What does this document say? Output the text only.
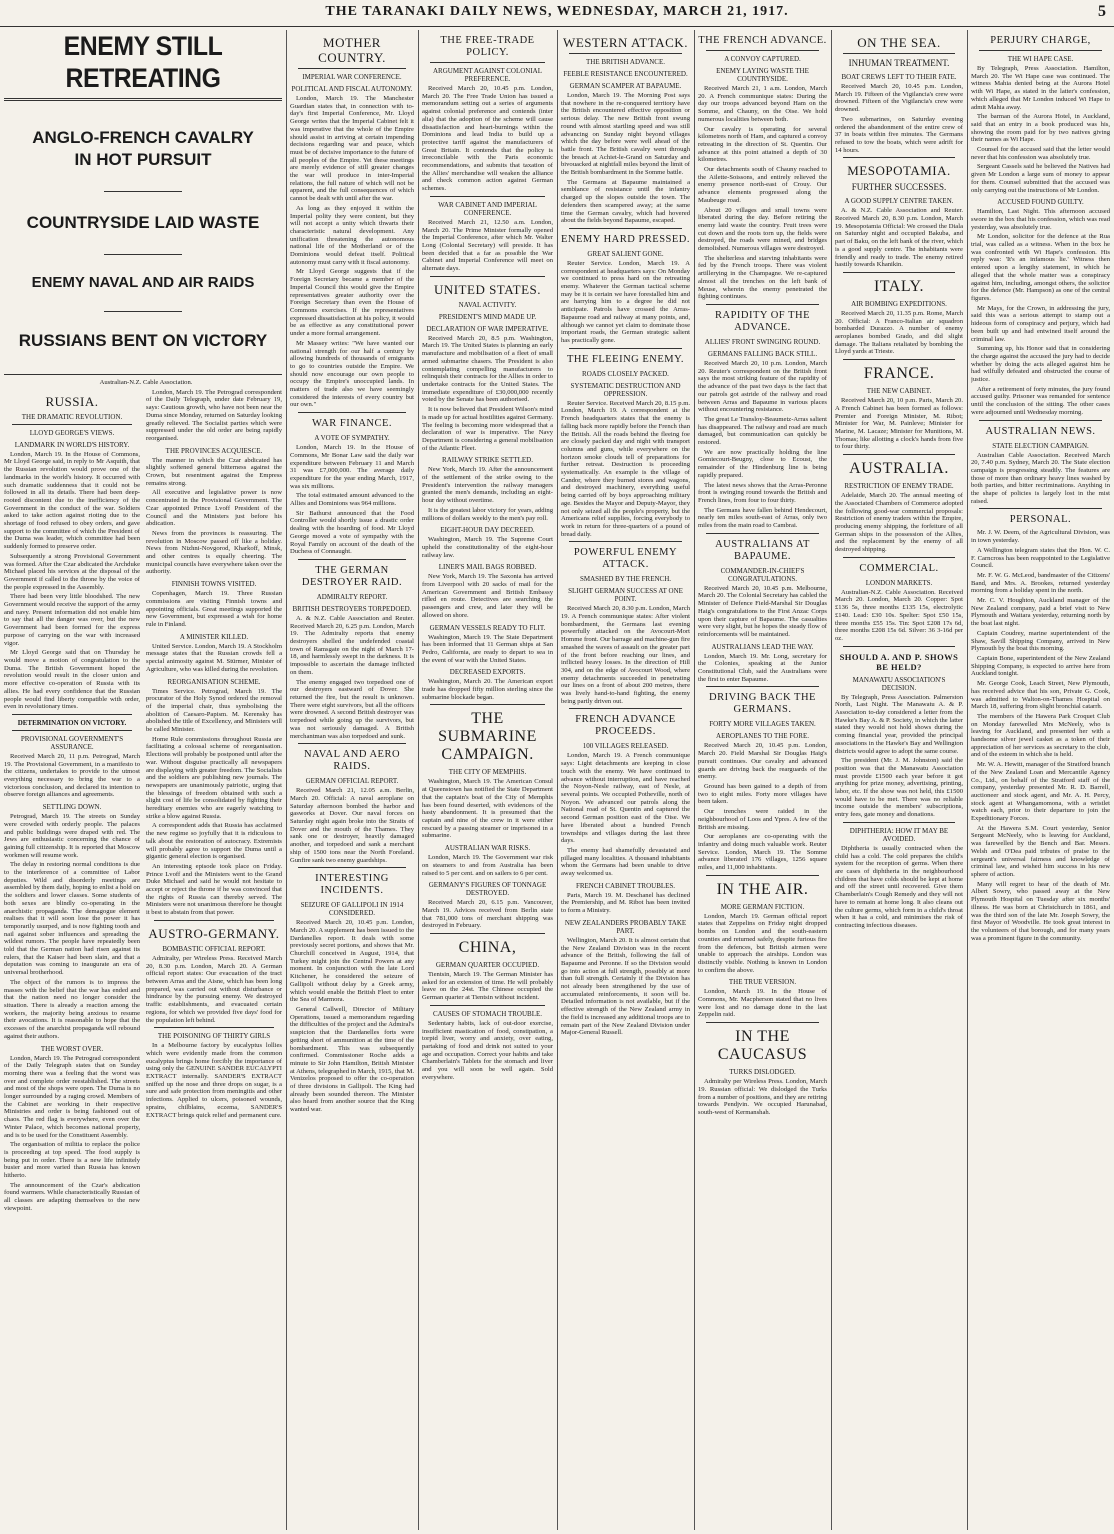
THE TARANAKI DAILY NEWS, WEDNESDAY, MARCH 21, 1917.	5
ENEMY STILL RETREATING
ANGLO-FRENCH CAVALRY IN HOT PURSUIT
COUNTRYSIDE LAID WASTE
ENEMY NAVAL AND AIR RAIDS
RUSSIANS BENT ON VICTORY

Australian-N.Z. Cable Association.

RUSSIA.
THE DRAMATIC REVOLUTION.
LLOYD GEORGE'S VIEWS.
LANDMARK IN WORLD'S HISTORY.

London, March 19. In the House of Commons, Mr Lloyd George said, in reply to Mr Asquith, that the Russian revolution would prove one of the landmarks in the world's history. It occurred with such dramatic suddenness that it could not be followed in all its details. There had been deep-rooted discontent due to the inefficiency of the Government in the conduct of the war. Soldiers asked to take action against rioting due to the shortage of food refused to obey orders, and gave support to the committee of which the President of the Duma was leader, which committee had been suddenly formed to preserve order.

Subsequently a strong Provisional Government was formed. After the Czar abdicated the Archduke Michael placed his services at the disposal of the Government if called to the throne by the voice of the people expressed in the Assembly.

There had been very little bloodshed. The new Government would receive the support of the army and navy. Present information did not enable him to say that all the danger was over, but the new Government had been formed for the express purpose of carrying on the war with increased vigor.

Mr Lloyd George said that on Thursday he would move a motion of congratulation to the Duma. The British Government hoped the revolution would result in the closer union and more effective co-operation of Russia with its allies. He had every confidence that the Russian people would find liberty compatible with order, even in revolutionary times.

DETERMINATION ON VICTORY.
PROVISIONAL GOVERNMENT'S ASSURANCE.

Received March 20, 11 p.m. Petrograd, March 19. The Provisional Government, in a manifesto to the citizens, undertakes to provide to the utmost everything necessary to bring the war to a victorious conclusion, and declared its intention to observe foreign alliances and agreements.

SETTLING DOWN.

Petrograd, March 19. The streets on Sunday were crowded with orderly people. The palaces and public buildings were draped with red. The Jews are enthusiastic concerning the chance of gaining full citizenship. It is reported that Moscow workmen will resume work.

The delay in restoring normal conditions is due to the interference of a committee of Labor deputies. Wild and disorderly meetings are assembled by them daily, hoping to enlist a hold on the soldiers and lower classes. Some students of both sexes are blindly co-operating in the anarchistic propaganda. The demagogue element realises that it will soon lose the power it has temporarily usurped, and is now fighting tooth and nail against sober influences and spreading the wildest rumors. The people have repeatedly been told that the German nation had risen against its rulers, that the Kaiser had been slain, and that a deputation was coming to inaugurate an era of universal brotherhood.

The object of the rumors is to impress the masses with the belief that the war has ended and that the nation need no longer consider the situation. There is already a reaction among the workers, the majority being anxious to resume their avocations. It is reasonable to hope that the excesses of the anarchist propaganda will rebound against their authors.

THE WORST OVER.

London, March 19. The Petrograd correspondent of the Daily Telegraph states that on Sunday morning there was a feeling that the worst was over and complete order reestablished. The streets and most of the shops were open. The Duma is no longer surrounded by a raging crowd. Members of the Cabinet are working in their respective Ministries and order is being fashioned out of chaos. The red flag is everywhere, even over the Winter Palace, which becomes national property, and is to be used for the Constituent Assembly.

The organisation of militia to replace the police is proceeding at top speed. The food supply is being put in order. There is a new life infinitely busier and more varied than Russia has known hitherto.

The announcement of the Czar's abdication found warmers. While characteristically Russian of all classes are adapting themselves to the new viewpoint.

London, March 19. The Petrograd correspondent of the Daily Telegraph, under date February 19, says: Cautious growth, who have not been near the Duma since Monday, returned on Saturday looking greatly relieved. The Socialist parties which were suppressed under the old order are being rapidly reorganised.

THE PROVINCES ACQUIESCE.

The manner in which the Czar abdicated has slightly softened general bitterness against the Crown, but resentment against the Empress remains strong.

All executive and legislative power is now concentrated in the Provisional Government. The Czar appointed Prince Lvoff President of the Council and the Ministers just before his abdication.

News from the provinces is reassuring. The revolution in Moscow passed off like a holiday. News from Nizhni-Novgorod, Kharkoff, Minsk, and other centres is equally cheering. The municipal councils have everywhere taken over the authority.

FINNISH TOWNS VISITED.

Copenhagen, March 19. Three Russian commissions are visiting Finnish towns and appointing officials. Great meetings supported the new Government, but expressed a wish for home rule in Finland.

A MINISTER KILLED.

United Service. London, March 19. A Stockholm message states that the Russian crowds fell a special animosity against M. Stürmer, Minister of Agriculture, who was killed during the revolution.

REORGANISATION SCHEME.

Times Service. Petrograd, March 19. The procurator of the Holy Synod ordered the removal of the imperial chair, thus symbolising the abolition of Caesaro-Papism. M. Kerensky has abolished the title of Excellency, and Ministers will be called Minister.

Home Rule commissions throughout Russia are facilitating a colossal scheme of reorganisation. Elections will probably be postponed until after the war. Without disguise practically all newspapers are displaying with greater freedom. The Socialists and the soldiers are publishing new journals. The newspapers are unanimously patriotic, urging that the blessings of freedom obtained with such a slight cost of life be consolidated by fighting their hereditary enemies who are eagerly watching to strike a blow against Russia.

A correspondent adds that Russia has acclaimed the new regime so joyfully that it is ridiculous to talk about the restoration of autocracy. Extremists will probably agree to support the Duma until a gigantic general election is organised.

An interesting episode took place on Friday. Prince Lvoff and the Ministers went to the Grand Duke Michael and said he would not hesitate to accept or reject the throne if he was convinced that the rights of Russia can thereby served. The Ministers were not unanimous therefore he thought it best to abstain from that power.

AUSTRO-GERMANY.
BOMBASTIC OFFICIAL REPORT.

Admiralty, per Wireless Press. Received March 20, 8.30 p.m. London, March 20. A German official report states: Our evacuation of the tract between Arras and the Aisne, which has been long prepared, was carried out without disturbance or hindrance by the pursuing enemy. We destroyed traffic establishments, and evacuated certain regions, for which we provided five days' food for the population left behind.

THE POISONING OF THIRTY GIRLS

In a Melbourne factory by eucalyptus lollies which were evidently made from the common eucalyptus brings home forcibly the importance of using only the GENUINE SANDER EUCALYPTI EXTRACT internally. SANDER'S EXTRACT sniffed up the nose and three drops on sugar, is a sure and safe protection from meningitis and other infections. Applied to ulcers, poisoned wounds, sprains, chilblains, eczema, SANDER'S EXTRACT brings quick relief and permanent cure.

MOTHER COUNTRY.
IMPERIAL WAR CONFERENCE.
POLITICAL AND FISCAL AUTONOMY.

London, March 19. The Manchester Guardian states that, in connection with to-day's first Imperial Conference, Mr. Lloyd George writes that the Imperial Cabinet felt it was imperative that the whole of the Empire should assist in arriving at certain impending decisions regarding war and peace, which must be of decisive importance to the future of all peoples of the Empire. Yet these meetings are merely evidence of still greater changes the war will produce in inter-Imperial relations, the full nature of which will not be apparent, and the full consequences of which cannot be dealt with until after the war.

As long as they enjoyed it within the Imperial polity they were content, but they will not accept a unity which thwarts their characteristic natural development. Any unification threatening the autonomous national life of the Motherland or of the Dominions would defeat itself. Political autonomy must carry with it fiscal autonomy.

Mr Lloyd George suggests that if the Foreign Secretary became a member of the Imperial Council this would give the Empire representatives greater authority over the Foreign Secretary than even the House of Commons exercises. If the representatives expressed dissatisfaction at his policy, it would be as effective as any constitutional power under a more formal arrangement.

Mr Massey writes: "We have wanted our national strength for our half a century by allowing hundreds of thousands of emigrants to go to countries outside the Empire. We should now encourage our own people to occupy the Empire's unoccupied lands. In matters of trade also we have seemingly considered the interests of every country but our own."

WAR FINANCE.
A VOTE OF SYMPATHY.

London, March 19. In the House of Commons, Mr Bonar Law said the daily war expenditure between February 11 and March 31 was £7,000,000. The average daily expenditure for the year ending March, 1917, was six millions.

The total estimated amount advanced to the Allies and Dominions was 964 millions.

Sir Bathurst announced that the Food Controller would shortly issue a drastic order dealing with the hoarding of food. Mr Lloyd George moved a vote of sympathy with the Royal Family on account of the death of the Duchess of Connaught.

THE GERMAN DESTROYER RAID.
ADMIRALTY REPORT.
BRITISH DESTROYERS TORPEDOED.

A. & N.Z. Cable Association and Reuter. Received March 20, 6.25 p.m. London, March 19. The Admiralty reports that enemy destroyers shelled the undefended coastal town of Ramsgate on the night of March 17-18, and harmlessly swept in the darkness. It is impossible to ascertain the damage inflicted on them.

The enemy engaged two torpedoed one of our destroyers eastward of Dover. She returned the fire, but the result is unknown. There were eight survivors, but all the officers were drowned. A second British destroyer was torpedoed while going up the survivors, but was not seriously damaged. A British merchantman was also torpedoed and sunk.

NAVAL AND AERO RAIDS.
GERMAN OFFICIAL REPORT.

Received March 21, 12.05 a.m. Berlin, March 20. Official: A naval aeroplane on Saturday afternoon bombed the harbor and gasworks at Dover. Our naval forces on Saturday night again broke into the Straits of Dover and the mouth of the Thames. They sank one or destroyer, heavily damaged another, and torpedoed and sank a merchant ship of 1500 tons near the North Foreland. Gunfire sank two enemy guardships.

INTERESTING INCIDENTS.
SEIZURE OF GALLIPOLI IN 1914 CONSIDERED.

Received March 20, 10.45 p.m. London, March 20. A supplement has been issued to the Dardanelles report. It deals with some previously secret portions, and shows that Mr. Churchill conceived in August, 1914, that Turkey might join the Central Powers at any moment. In conjunction with the late Lord Kitchener, he considered the seizure of Gallipoli without delay by a Greek army, which would enable the British Fleet to enter the Sea of Marmora.

General Callwell, Director of Military Operations, issued a memorandum regarding the difficulties of the project and the Admiral's suspicion that the Dardanelles forts were getting short of ammunition at the time of the bombardment. This was subsequently confirmed. Commissioner Roche adds a minute to Sir John Hamilton, British Minister at Athens, telegraphed in March, 1915, that M. Venizelos proposed to offer the co-operation of three divisions in Gallipoli. The King had already been sounded thereon. The Minister also heard from another source that the King wanted war.

THE FREE-TRADE POLICY.
ARGUMENT AGAINST COLONIAL PREFERENCE.

Received March 20, 10.45 p.m. London, March 20. The Free Trade Union has issued a memorandum setting out a series of arguments against colonial preference and contends (inter alia) that the adoption of the scheme will cause dissatisfaction and heart-burnings within the Dominions and lead India to build up a protective tariff against the manufacturers of Great Britain. It contends that the policy is irreconcilable with the Paris economic recommendations, and submits that taxation of the Allies' merchandise will weaken the alliance and check common action against German schemes.

WAR CABINET AND IMPERIAL CONFERENCE.

Received March 21, 12.50 a.m. London, March 20. The Prime Minister formally opened the Imperial Conference, after which Mr. Walter Long (Colonial Secretary) will preside. It has been decided that a far as possible the War Cabinet and Imperial Conference will meet on alternate days.

UNITED STATES.
NAVAL ACTIVITY.
PRESIDENT'S MIND MADE UP.
DECLARATION OF WAR IMPERATIVE.

Received March 20, 8.5 p.m. Washington, March 19. The United States is planning an early manufacture and mobilisation of a fleet of small armed submarine chasers. The President is also contemplating compelling manufacturers to relinquish their contracts for the Allies in order to undertake contracts for the United States. The immediate expenditure of £30,000,000 recently voted by the Senate has been authorised.

It is now believed that President Wilson's mind is made up for actual hostilities against Germany. The feeling is becoming more widespread that a declaration of war is imperative. The Navy Department is considering a general mobilisation of the Atlantic Fleet.

RAILWAY STRIKE SETTLED.

New York, March 19. After the announcement of the settlement of the strike owing to the President's intervention the railway managers granted the men's demands, including an eight-hour day without overtime.

It is the greatest labor victory for years, adding millions of dollars weekly to the men's pay roll.

EIGHT-HOUR DAY DECREED.

Washington, March 19. The Supreme Court upheld the constitutionality of the eight-hour railway law.

LINER'S MAIL BAGS ROBBED.

New York, March 19. The Saxonia has arrived from Liverpool with 20 sacks of mail for the American Government and British Embassy rifled en route. Detectives are searching the passengers and crew, and later they will be allowed on shore.

GERMAN VESSELS READY TO FLIT.

Washington, March 19. The State Department has been informed that 11 German ships at San Pedro, California, are ready to depart to sea in the event of war with the United States.

DECREASED EXPORTS.

Washington, March 20. The American export trade has dropped fifty million sterling since the submarine blockade began.

THE SUBMARINE CAMPAIGN.
THE CITY OF MEMPHIS.

Washington, March 19. The American Consul at Queenstown has notified the State Department that the captain's boat of the City of Memphis has been found deserted, with evidences of the hasty abandonment. It is presumed that the captain and nine of the crew in it were either rescued by a passing steamer or imprisoned in a submarine.

AUSTRALIAN WAR RISKS.

London, March 19. The Government war risk on steamers to and from Australia has been raised to 5 per cent. and on sailers to 6 per cent.

GERMANY'S FIGURES OF TONNAGE DESTROYED.

Received March 20, 6.15 p.m. Vancouver, March 19. Advices received from Berlin state that 781,000 tons of merchant shipping was destroyed in February.

CHINA,
GERMAN QUARTER OCCUPIED.

Tientsin, March 19. The German Minister has asked for an extension of time. He will probably leave on the 24st. The Chinese occupied the German quarter at Tientsin without incident.

CAUSES OF STOMACH TROUBLE.

Sedentary habits, lack of out-door exercise, insufficient mastication of food, constipation, a torpid liver, worry and anxiety, over eating, partaking of food and drink not suited to your age and occupation. Correct your habits and take Chamberlain's Tablets for the stomach and liver and you will soon be well again. Sold everywhere.

WESTERN ATTACK.
THE BRITISH ADVANCE.
FEEBLE RESISTANCE ENCOUNTERED.
GERMAN SCAMPER AT BAPAUME.

London, March 19. The Morning Post says that nowhere in the re-conquered territory have the British encountered effective opposition or serious delay. The new British front swung round with almost startling speed and was still advancing on Sunday night beyond villages which the day before were well ahead of the battle front. The British cavalry went through the breach at Achiet-le-Grand on Saturday and bivouacked at nightfall miles beyond the limit of the British bombardment in the Somme battle.

The Germans at Bapaume maintained a semblance of resistance until the infantry charged up the slopes outside the town. The defenders then scampered away; at the same time the German cavalry, which had hovered about the fields beyond Bapaume, escaped.

ENEMY HARD PRESSED.
GREAT SALIENT GONE.

Reuter Service. London, March 19. A correspondent at headquarters says: On Monday we continued to press hard on the retreating enemy. Whatever the German tactical scheme may be it is certain we have forestalled him and are harrying him to a degree he did not anticipate. Patrols have crossed the Arras-Bapaume road and railway at many points, and, although we cannot yet claim to dominate those important roads, the German strategic salient has practically gone.

THE FLEEING ENEMY.
ROADS CLOSELY PACKED.
SYSTEMATIC DESTRUCTION AND OPPRESSION.

Reuter Service. Received March 20, 8.15 p.m. London, March 19. A correspondent at the French headquarters states that the enemy is falling back more rapidly before the French than the British. All the roads behind the fleeing foe are closely packed day and night with transport columns and guns, while everywhere on the horizon smoke clouds tell of preparations for further retreat. Destruction is proceeding systematically. An example is the village of Candor, where they burned stores and wagons, and destroyed machinery, everything useful being carried off by boys approaching military age. Besides the Mayor and Deputy-Mayor, they not only seized all the people's property, but the Americans relief supplies, forcing everybody to work in return for three-quarters of a pound of bread daily.

POWERFUL ENEMY ATTACK.
SMASHED BY THE FRENCH.
SLIGHT GERMAN SUCCESS AT ONE POINT.

Received March 20, 8.30 p.m. London, March 19. A French communique states: After violent bombardment, the Germans last evening powerfully attacked on the Avocourt-Mort Homme front. Our barrage and machine-gun fire smashed the waves of assault on the greater part of the front before reaching our lines, and inflicted heavy losses. In the direction of Hill 304, and on the edge of Avocourt Wood, where enemy detachments succeeded in penetrating our lines on a front of about 200 metres, there was lively hand-to-hand fighting, the enemy being partly driven out.

FRENCH ADVANCE PROCEEDS.
100 VILLAGES RELEASED.

London, March 19. A French communique says: Light detachments are keeping in close touch with the enemy. We have continued to advance without interruption, and have reached the Noyon-Nesle railway, east of Nesle, at several points. We occupied Potheville, north of Noyon. We advanced our patrols along the National road of St. Quentin and captured the second German position east of the Oise. We have liberated about a hundred French townships and villages during the last three days.

The enemy had shamefully devastated and pillaged many localities. A thousand inhabitants whom the Germans had been unable to drive away welcomed us.

FRENCH CABINET TROUBLES.

Paris, March 19. M. Deschanel has declined the Premiership, and M. Ribot has been invited to form a Ministry.

NEW ZEALANDERS PROBABLY TAKE PART.

Wellington, March 20. It is almost certain that the New Zealand Division was in the recent advance of the British, following the fall of Bapaume and Peronne. If so the Division would go into action at full strength, possibly at more than full strength. Certainly if the Division has not already been strengthened by the use of accumulated reinforcements, it soon will be. Detailed information is not available, but if the effective strength of the New Zealand army in the field is increased any additional troops are to remain part of the New Zealand Division under Major-General Russell.

THE FRENCH ADVANCE.
A CONVOY CAPTURED.
ENEMY LAYING WASTE THE COUNTRYSIDE.

Received March 21, 1 a.m. London, March 20. A French communique states: During the day our troops advanced beyond Ham on the Somme, and Chauny, on the Oise. We hold numerous localities between both.

Our cavalry is operating for several kilometres north of Ham, and captured a convoy retreating in the direction of St. Quentin. Our advance at this point attained a depth of 30 kilometres.

Our detachments south of Chauny reached to the Ailette-Soissons, and entirely relieved the enemy presence north-east of Crouy. Our advance elements progressed along the Maubeuge road.

About 20 villages and small towns were liberated during the day. Before retiring the enemy laid waste the country. Fruit trees were cut down and the roots torn up, the fields were destroyed, the roads were mined, and bridges demolished. Numerous villages were destroyed.

The shelterless and starving inhabitants were fed by the French troops. There was violent artillerying in the Champagne. We re-captured almost all the trenches on the left bank of Meuse, wherein the enemy penetrated the fighting continues.

RAPIDITY OF THE ADVANCE.
ALLIES' FRONT SWINGING ROUND.
GERMANS FALLING BACK STILL.

Received March 20, 10 p.m. London, March 20. Reuter's correspondent on the British front says the most striking feature of the rapidity of the advance of the past two days is the fact that our patrols got astride of the railway and road between Arras and Bapaume in various places without encountering resistance.

The great Le Transloy-Beaumetz-Arras salient has disappeared. The railway and road are much damaged, but communication can quickly be restored.

We are now practically holding the line Gomiecourt-Beugny, close to Ecoust, the remainder of the Hindenburg line is being rapidly prepared.

The latest news shows that the Arras-Peronne front is swinging round towards the British and French lines, from four to four thirty.

The Germans have fallen behind Hendecourt, nearly ten miles south-east of Arras, only two miles from the main road to Cambrai.

AUSTRALIANS AT BAPAUME.
COMMANDER-IN-CHIEF'S CONGRATULATIONS.

Received March 20, 10.45 p.m. Melbourne, March 20. The Colonial Secretary has cabled the Minister of Defence Field-Marshal Sir Douglas Haig's congratulations to the First Anzac Corps upon their capture of Bapaume. The casualties were very slight, but he hopes the steady flow of reinforcements will be maintained.

AUSTRALIANS LEAD THE WAY.

London, March 19. Mr. Long, secretary for the Colonies, speaking at the Junior Constitutional Club, said the Australians were the first to enter Bapaume.

DRIVING BACK THE GERMANS.
FORTY MORE VILLAGES TAKEN.
AEROPLANES TO THE FORE.

Received March 20, 10.45 p.m. London, March 20. Field Marshal Sir Douglas Haig's pursuit continues. Our cavalry and advanced guards are driving back the rearguards of the enemy.

Ground has been gained to a depth of from two to eight miles. Forty more villages have been taken.

Our trenches were raided in the neighbourhood of Loos and Ypres. A few of the British are missing.

Our aeroplanes are co-operating with the infantry and doing much valuable work. Reuter Service. London, March 19. The Somme advance liberated 176 villages, 1256 square miles, and 11,000 inhabitants.

IN THE AIR.
MORE GERMAN FICTION.

London, March 19. German official report states that Zeppelins on Friday night dropped bombs on London and the south-eastern counties and returned safely, despite furious fire from the defences, but British airmen were unable to approach the airships. London was distinctly visible. Nothing is known in London to confirm the above.

THE TRUE VERSION.

London, March 19. In the House of Commons, Mr. Macpherson stated that no lives were lost and no damage done in the last Zeppelin raid.

IN THE CAUCASUS
TURKS DISLODGED.

Admiralty per Wireless Press. London, March 19. Russian official: We dislodged the Turks from a number of positions, and they are retiring towards Pendjvin. We occupied Harunabad, south-west of Kermanshah.

ON THE SEA.
INHUMAN TREATMENT.
BOAT CREWS LEFT TO THEIR FATE.

Received March 20, 10.45 p.m. London, March 19. Fifteen of the Vigilancia's crew were drowned. Fifteen of the Vigilancia's crew were drowned.

Two submarines, on Saturday evening ordered the abandonment of the entire crew of 37 in boats within five minutes. The Germans refused to tow the boats, which were adrift for 14 hours.

MESOPOTAMIA.
FURTHER SUCCESSES.
A GOOD SUPPLY CENTRE TAKEN.

A. & N.Z. Cable Association and Reuter. Received March 20, 8.30 p.m. London, March 19. Mesopotamia Official: We crossed the Diala on Saturday night and occupied Bakuba, and part of Baku, on the left bank of the river, which is a good supply centre. The inhabitants were friendly and ready to trade. The enemy retired hastily towards Khanikin.

ITALY.
AIR BOMBING EXPEDITIONS.

Received March 20, 11.35 p.m. Rome, March 20. Official: A Franco-Italian air squadron bombarded Durazzo. A number of enemy aeroplanes bombed Grado, and did slight damage. The Italians retaliated by bombing the Lloyd yards at Trieste.

FRANCE.
THE NEW CABINET.

Received March 20, 10 p.m. Paris, March 20. A French Cabinet has been formed as follows: Premier and Foreign Minister, M. Ribot; Minister for War, M. Painleve; Minister for Marine, M. Lacaze; Minister for Munitions, M. Thomas; like allotting a clock's hands from five to four thirty.

AUSTRALIA.
RESTRICTION OF ENEMY TRADE.

Adelaide, March 20. The annual meeting of the Associated Chambers of Commerce adopted the following good-war commercial proposals: Restriction of enemy traders within the Empire, producing enemy shipping, the forfeiture of all German ships in the possession of the Allies, and the replacement by the enemy of all destroyed shipping.

COMMERCIAL.
LONDON MARKETS.

Australian-N.Z. Cable Association. Received March 20. London, March 20. Copper: Spot £136 5s, three months £135 15s, electrolytic £140. Lead: £30 10s. Spelter: Spot £50 15s, three months £55 15s. Tin: Spot £208 17s 6d, three months £208 15s 6d. Silver: 36 3-16d per oz.

SHOULD A. AND P. SHOWS BE HELD?
MANAWATU ASSOCIATION'S DECISION.

By Telegraph, Press Association. Palmerston North, Last Night. The Manawatu A. & P. Association to-day considered a letter from the Hawke's Bay A. & P. Society, in which the latter stated they would not hold shows during the coming financial year, provided the principal associations in the Hawke's Bay and Wellington districts would agree to adopt the same course.

The president (Mr. J. M. Johnston) said the position was that the Manawatu Association must provide £1500 each year before it got anything for prize money, advertising, printing, labor, etc. If the show was not held, this £1500 would have to be met. There was no reliable income outside the members' subscriptions, entry fees, gate money and donations.

DIPHTHERIA: HOW IT MAY BE AVOIDED.

Diphtheria is usually contracted when the child has a cold. The cold prepares the child's system for the reception of germs. When there are cases of diphtheria in the neighbourhood children that have colds should be kept at home and off the street until recovered. Give them Chamberlain's Cough Remedy and they will not have to remain at home long. It also cleans out the culture germs, which form in a child's throat when it has a cold, and minimises the risk of contracting infectious diseases.

PERJURY CHARGE,
THE WI HAPE CASE.

By Telegraph, Press Association. Hamilton, March 20. The Wi Hape case was continued. The witness Mahia denied being at the Aurora Hotel with Wi Hape, as stated in the latter's confession, which alleged that Mr London induced Wi Hape to admit Mahia away.

The barman of the Aurora Hotel, in Auckland, said that an entry in a book produced was his, showing the room paid for by two natives giving their names as Wi Hape.

Counsel for the accused said that the letter would never that his confession was absolutely true.

Sergeant Cassels said he believed the Natives had given Mr London a large sum of money to appear for them. Counsel submitted that the accused was only carrying out the instructions of Mr London.

ACCUSED FOUND GUILTY.

Hamilton, Last Night. This afternoon accused swore in the box that his confession, which was read yesterday, was absolutely true.

Mr London, solicitor for the defence at the Rua trial, was called as a witness. When in the box he was confronted with Wi Hape's confession. His reply was: 'It's an infamous lie.' Witness then entered upon a lengthy statement, in which he alleged that the whole matter was a conspiracy against him, including, amongst others, the solicitor for the defence (Mr. Hampson) as one of the central figures.

Mr Mays, for the Crown, in addressing the jury, said this was a serious attempt to stamp out a hideous form of conspiracy and perjury, which had been built up and had entwined itself around the criminal law.

Summing up, his Honor said that in considering the charge against the accused the jury had to decide whether by doing the acts alleged against him he had wilfully defeated and obstructed the course of justice.

After a retirement of forty minutes, the jury found accused guilty. Prisoner was remanded for sentence until the conclusion of the sitting. The other cases were adjourned until Wednesday morning.

AUSTRALIAN NEWS.
STATE ELECTION CAMPAIGN.

Australian Cable Association. Received March 20, 7.40 p.m. Sydney, March 20. The State election campaign is progressing steadily. The features are those of more than ordinary heavy lines washed by both parties, and bitter recriminations. Anything in the shape of policies is largely lost in the mist raised.

PERSONAL.

Mr. J. W. Deem, of the Agricultural Division, was in town yesterday.

A Wellington telegram states that the Hon. W. C. F. Carncross has been reappointed to the Legislative Council.

Mr. F. W. G. McLeod, bandmaster of the Citizens' Band, and Mrs. A. Brookes, returned yesterday morning from a holiday spent in the north.

Mr. C. V. Houghton, Auckland manager of the New Zealand company, paid a brief visit to New Plymouth and Waitara yesterday, returning north by the boat last night.

Captain Coudrey, marine superintendent of the Shaw, Savill Shipping Company, arrived in New Plymouth by the boat this morning.

Captain Bone, superintendent of the New Zealand Shipping Company, is expected to arrive here from Auckland tonight.

Mr. George Cook, Leach Street, New Plymouth, has received advice that his son, Private G. Cook, was admitted to Walton-on-Thames Hospital on March 18, suffering from slight bronchial catarrh.

The members of the Hawera Park Croquet Club on Monday farewelled Mrs McNeely, who is leaving for Auckland, and presented her with a handsome silver jewel casket as a token of their appreciation of her services as secretary to the club, and of the esteem in which she is held.

Mr. W. A. Hewitt, manager of the Stratford branch of the New Zealand Loan and Mercantile Agency Co., Ltd., on behalf of the Stratford staff of the company, yesterday presented Mr. R. D. Barrell, auctioneer and stock agent, and Mr. A. H. Percy, stock agent at Whangamomona, with a wristlet watch each, prior to their departure to join the Expeditionary Forces.

At the Hawera S.M. Court yesterday, Senior Sergeant McNeely, who is leaving for Auckland, was farewelled by the Bench and Bar. Messrs. Welsh and O'Dea paid tributes of praise to the sergeant's universal fairness and knowledge of criminal law, and wished him success in his new sphere of action.

Many will regret to hear of the death of Mr. Albert Sowry, who passed away at the New Plymouth Hospital on Tuesday after six months' illness. He was born at Christchurch in 1861, and was the third son of the late Mr. Joseph Sowry, the first Mayor of Woodville. He took great interest in the volunteers of that borough, and for many years was a prominent figure in the community.
